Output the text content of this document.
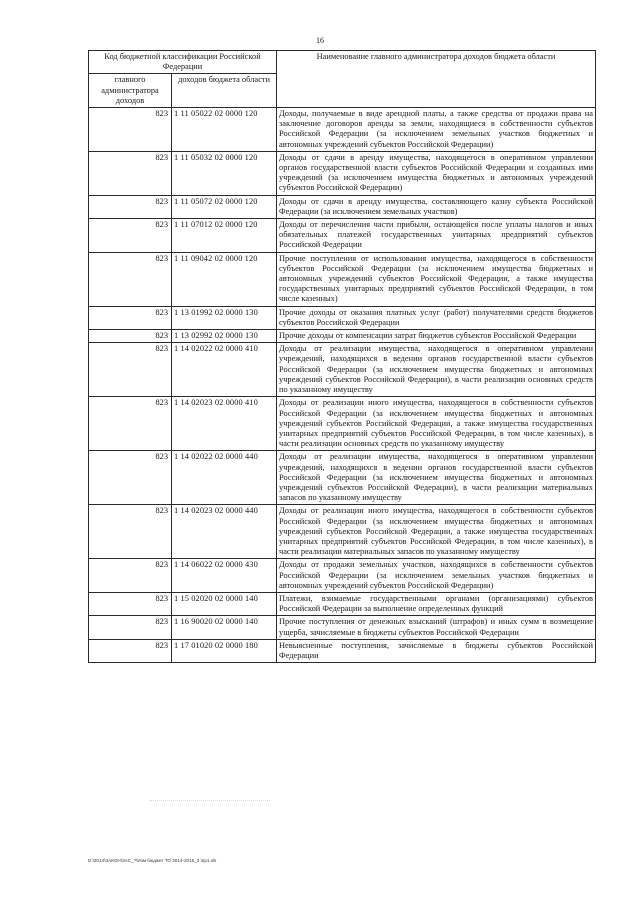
16
Код бюджетной классификации Российской Федерации		Наименование главного администратора доходов бюджета области
главного администратора доходов	доходов бюджета области	
823	1 11 05022 02 0000 120	Доходы, получаемые в виде арендной платы, а также средства от продажи права на заключение договоров аренды за земли, находящиеся в собственности субъектов Российской Федерации (за исключением земельных участков бюджетных и автономных учреждений субъектов Российской Федерации)
823	1 11 05032 02 0000 120	Доходы от сдачи в аренду имущества, находящегося в оперативном управлении органов государственной власти субъектов Российской Федерации и созданных ими учреждений (за исключением имущества бюджетных и автономных учреждений субъектов Российской Федерации)
823	1 11 05072 02 0000 120	Доходы от сдачи в аренду имущества, составляющего казну субъекта Российской Федерации (за исключением земельных участков)
823	1 11 07012 02 0000 120	Доходы от перечисления части прибыли, остающейся после уплаты налогов и иных обязательных платежей государственных унитарных предприятий субъектов Российской Федерации
823	1 11 09042 02 0000 120	Прочие поступления от использования имущества, находящегося в собственности субъектов Российской Федерации (за исключением имущества бюджетных и автономных учреждений субъектов Российской Федерации, а также имущества государственных унитарных предприятий субъектов Российской Федерации, в том числе казенных)
823	1 13 01992 02 0000 130	Прочие доходы от оказания платных услуг (работ) получателями средств бюджетов субъектов Российской Федерации
823	1 13 02992 02 0000 130	Прочие доходы от компенсации затрат бюджетов субъектов Российской Федерации
823	1 14 02022 02 0000 410	Доходы от реализации имущества, находящегося в оперативном управлении учреждений, находящихся в ведении органов государственной власти субъектов Российской Федерации (за исключением имущества бюджетных и автономных учреждений субъектов Российской Федерации), в части реализации основных средств по указанному имуществу
823	1 14 02023 02 0000 410	Доходы от реализации иного имущества, находящегося в собственности субъектов Российской Федерации (за исключением имущества бюджетных и автономных учреждений субъектов Российской Федерации, а также имущества государственных унитарных предприятий субъектов Российской Федерации, в том числе казенных), в части реализации основных средств по указанному имуществу
823	1 14 02022 02 0000 440	Доходы от реализации имущества, находящегося в оперативном управлении учреждений, находящихся в ведении органов государственной власти субъектов Российской Федерации (за исключением имущества бюджетных и автономных учреждений субъектов Российской Федерации), в части реализации материальных запасов по указанному имуществу
823	1 14 02023 02 0000 440	Доходы от реализации иного имущества, находящегося в собственности субъектов Российской Федерации (за исключением имущества бюджетных и автономных учреждений субъектов Российской Федерации, а также имущества государственных унитарных предприятий субъектов Российской Федерации, в том числе казенных), в части реализации материальных запасов по указанному имуществу
823	1 14 06022 02 0000 430	Доходы от продажи земельных участков, находящихся в собственности субъектов Российской Федерации (за исключением земельных участков бюджетных и автономных учреждений субъектов Российской Федерации)
823	1 15 02020 02 0000 140	Платежи, взимаемые государственными органами (организациями) субъектов Российской Федерации за выполнение определенных функций
823	1 16 90020 02 0000 140	Прочие поступления от денежных взысканий (штрафов) и иных сумм в возмещение ущерба, зачисляемые в бюджеты субъектов Российской Федерации
823	1 17 01020 02 0000 180	Невыясненные поступления, зачисляемые в бюджеты субъектов Российской Федерации
D:\2014\ЗАКОН\ЗАС_?\Изм бюджет ТО 2014-2016_2.\пр1.xls
